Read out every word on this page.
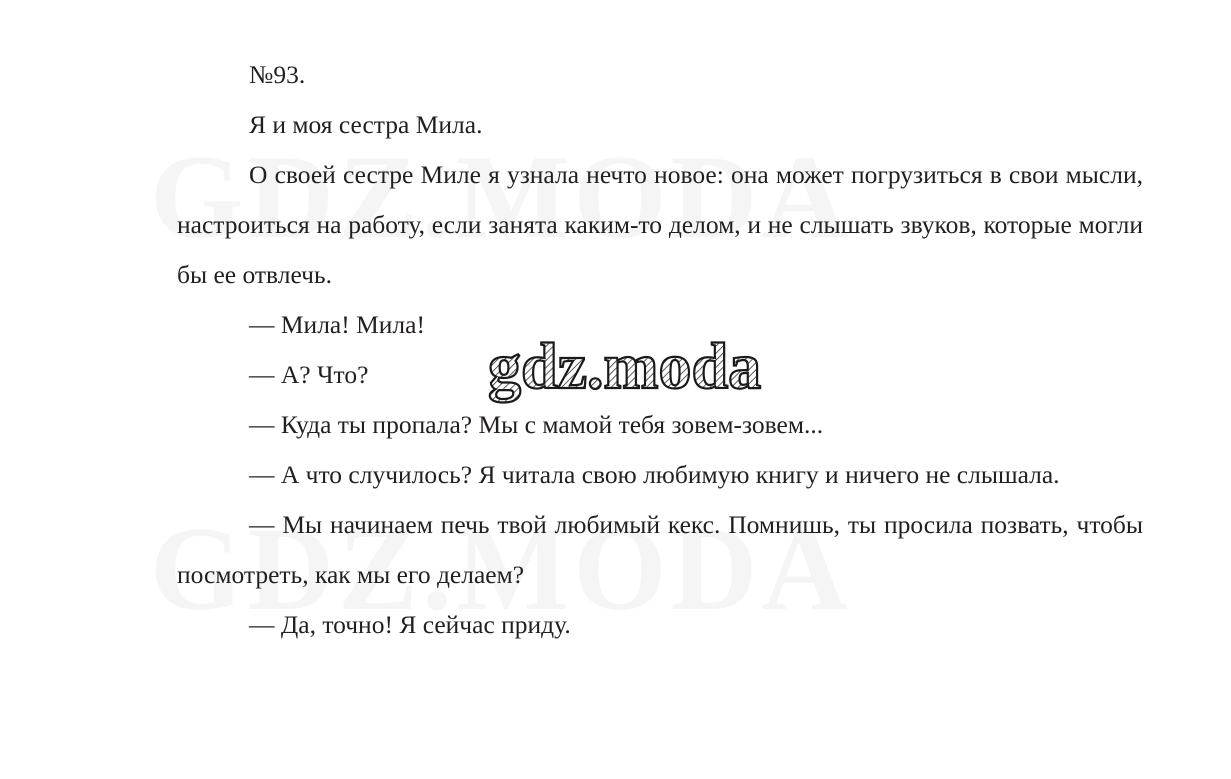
№93.

Я и моя сестра Мила.

О своей сестре Миле я узнала нечто новое: она может погрузиться в свои мысли, настроиться на работу, если занята каким-то делом, и не слышать звуков, которые могли бы ее отвлечь.

— Мила! Мила!

— А? Что?

— Куда ты пропала? Мы с мамой тебя зовем-зовем...

— А что случилось? Я читала свою любимую книгу и ничего не слышала.

— Мы начинаем печь твой любимый кекс. Помнишь, ты просила позвать, чтобы посмотреть, как мы его делаем?

— Да, точно! Я сейчас приду.

gdz.moda
